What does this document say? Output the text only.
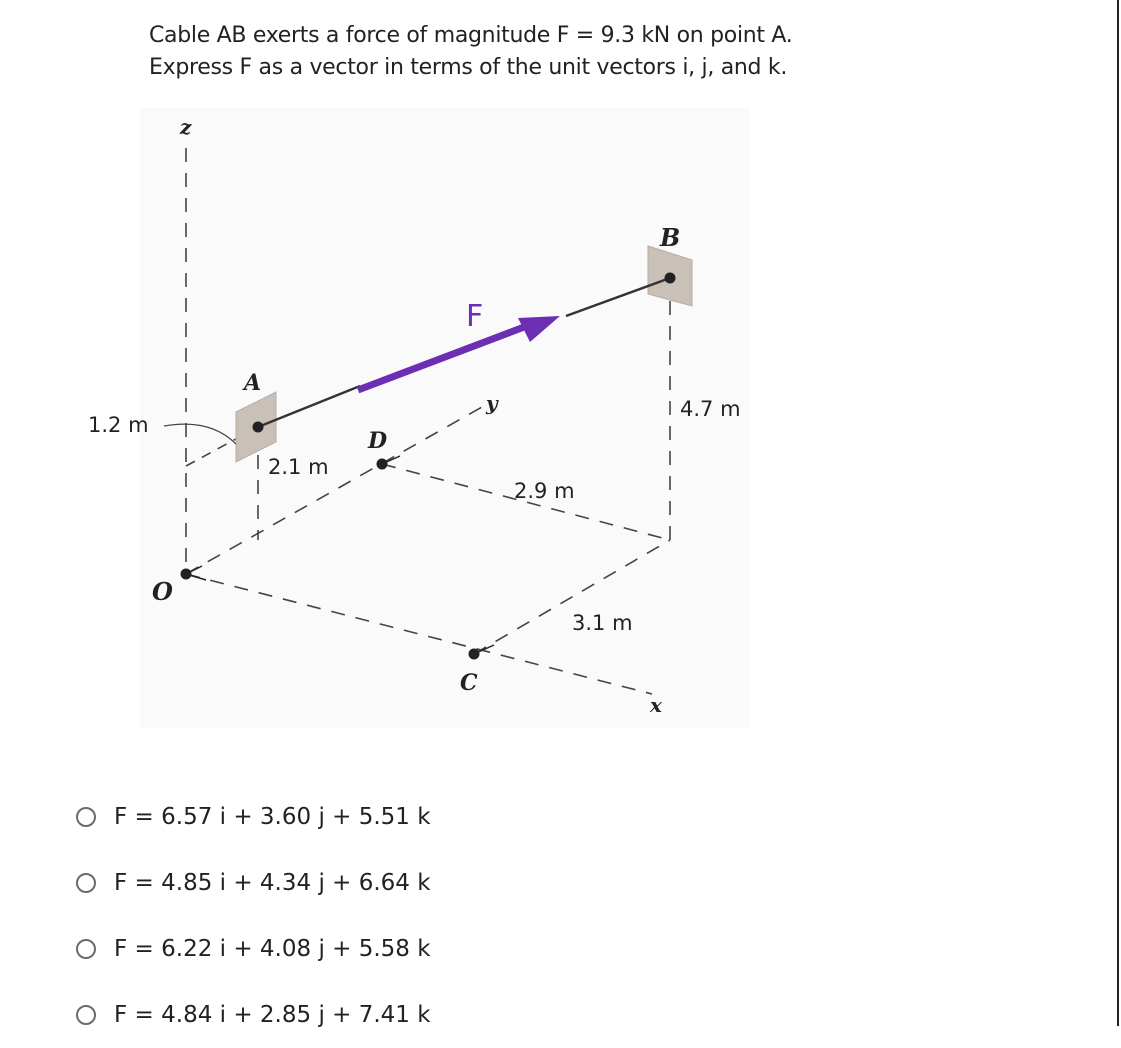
Cable AB exerts a force of magnitude F = 9.3 kN on point A.
Express F as a vector in terms of the unit vectors i, j, and k.
z
y
x
O
A
B
C
D
F
1.2 m
2.1 m
2.9 m
4.7 m
3.1 m
F = 6.57 i + 3.60 j + 5.51 k
F = 4.85 i + 4.34 j + 6.64 k
F = 6.22 i + 4.08 j + 5.58 k
F = 4.84 i + 2.85 j + 7.41 k
